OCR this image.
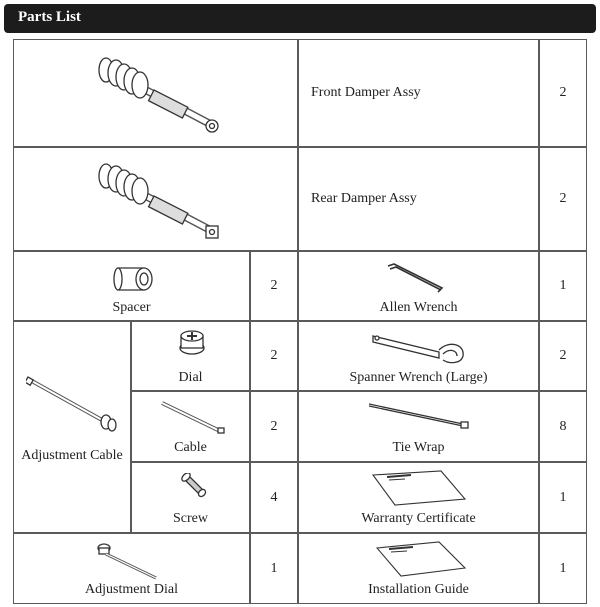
Parts List
Front Damper Assy	2
Rear Damper Assy	2
Spacer
2
Allen Wrench
1
Adjustment Cable
Dial
2
Spanner Wrench (Large)
2
Cable
2
Tie Wrap
8
Screw
4
Warranty Certificate
1
Adjustment Dial
1
Installation Guide
1
